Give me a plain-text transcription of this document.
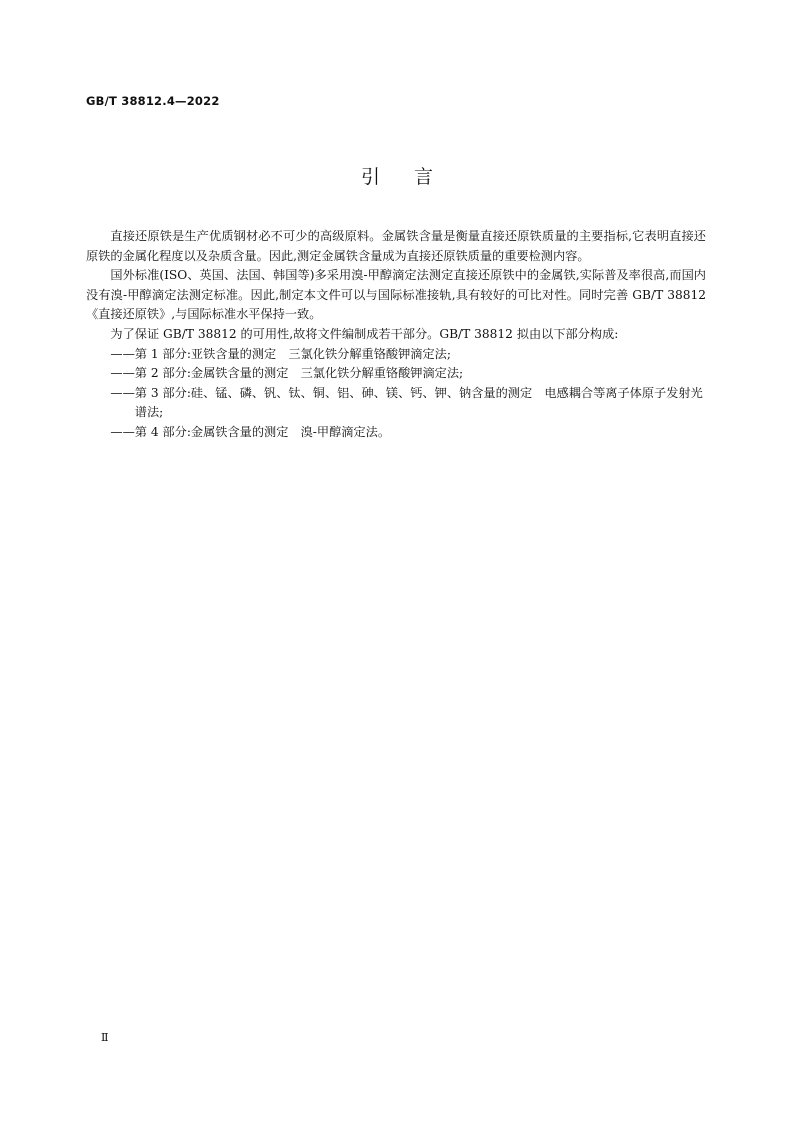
GB/T 38812.4—2022
引言

直接还原铁是生产优质钢材必不可少的高级原料。金属铁含量是衡量直接还原铁质量的主要指标,它表明直接还原铁的金属化程度以及杂质含量。因此,测定金属铁含量成为直接还原铁质量的重要检测内容。

国外标准(ISO、英国、法国、韩国等)多采用溴-甲醇滴定法测定直接还原铁中的金属铁,实际普及率很高,而国内没有溴-甲醇滴定法测定标准。因此,制定本文件可以与国际标准接轨,具有较好的可比对性。同时完善 GB/T 38812《直接还原铁》,与国际标准水平保持一致。

为了保证 GB/T 38812 的可用性,故将文件编制成若干部分。GB/T 38812 拟由以下部分构成:

—— 第 1 部分:亚铁含量的测定　三氯化铁分解重铬酸钾滴定法;
—— 第 2 部分:金属铁含量的测定　三氯化铁分解重铬酸钾滴定法;
—— 第 3 部分:硅、锰、磷、钒、钛、铜、铝、砷、镁、钙、钾、钠含量的测定　电感耦合等离子体原子发射光谱法;
—— 第 4 部分:金属铁含量的测定　溴-甲醇滴定法。
Ⅱ
